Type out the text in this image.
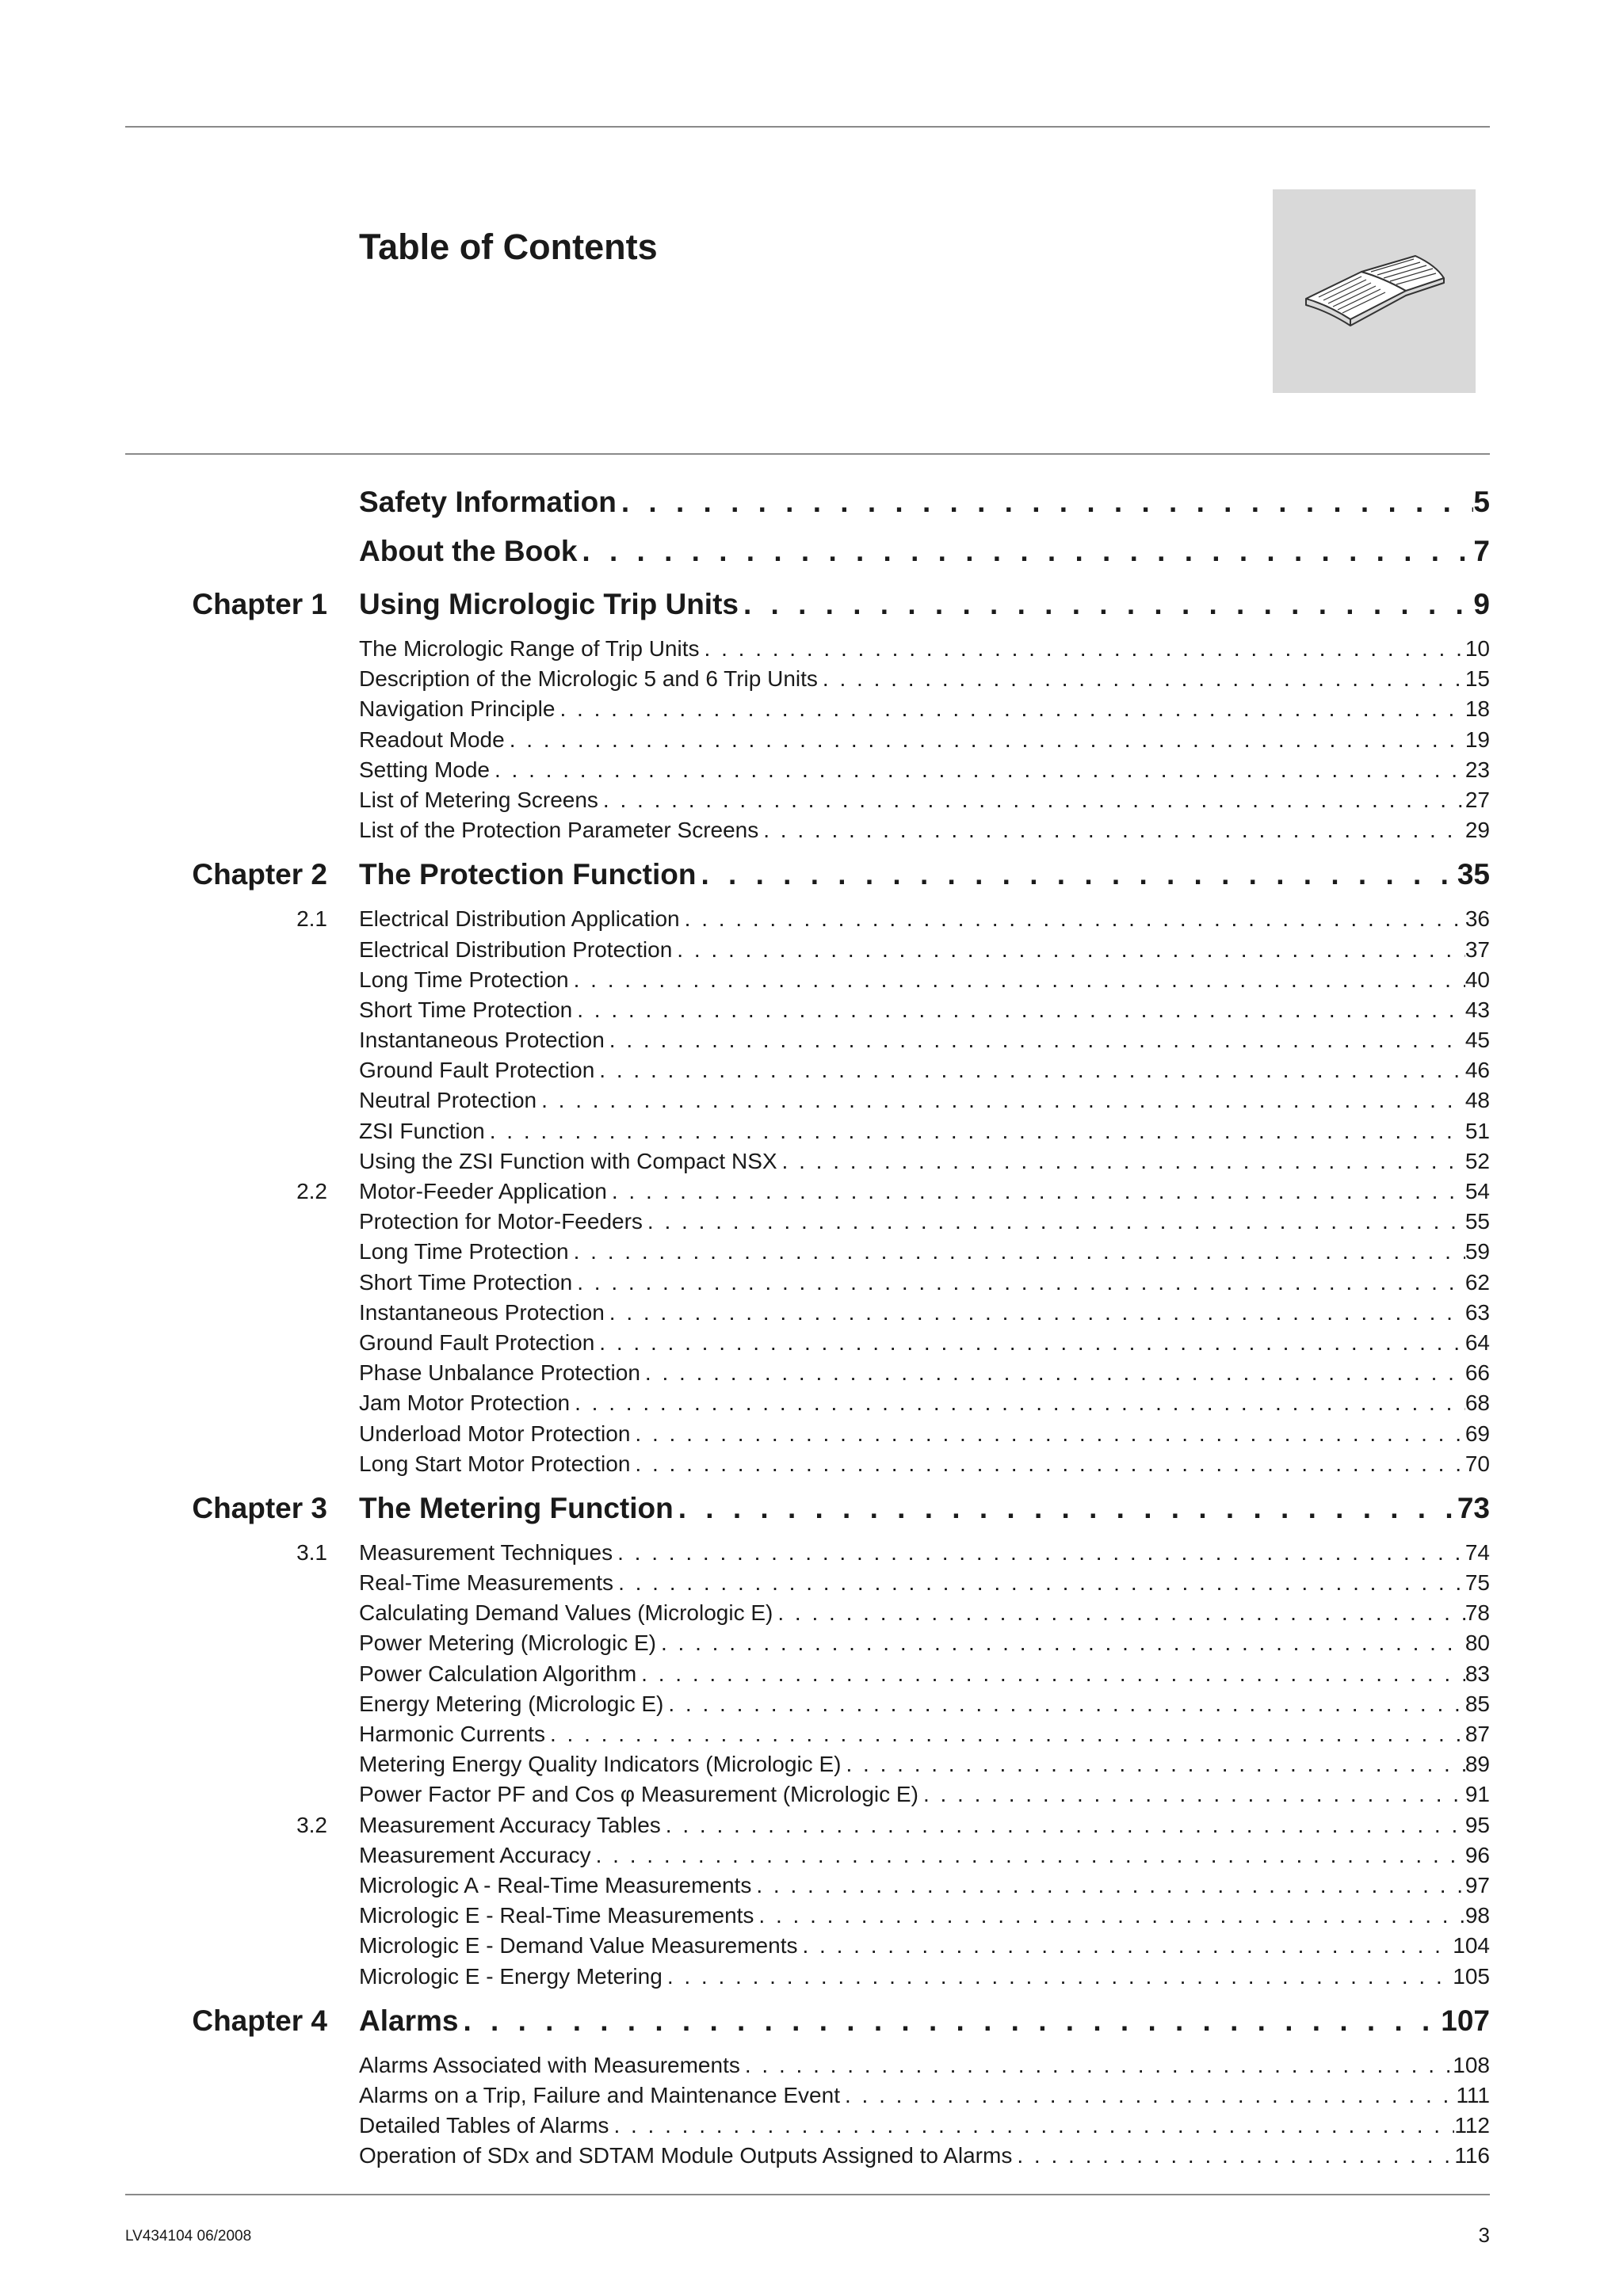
Table of Contents
Safety Information . . .	5
About the Book . . .	7
Chapter 1 Using Micrologic Trip Units . . .	9
The Micrologic Range of Trip Units . . .	10
Description of the Micrologic 5 and 6 Trip Units . . .	15
Navigation Principle . . .	18
Readout Mode . . .	19
Setting Mode . . .	23
List of Metering Screens . . .	27
List of the Protection Parameter Screens . . .	29
Chapter 2 The Protection Function . . .	35
2.1 Electrical Distribution Application . . .	36
Electrical Distribution Protection . . .	37
Long Time Protection . . .	40
Short Time Protection . . .	43
Instantaneous Protection . . .	45
Ground Fault Protection . . .	46
Neutral Protection . . .	48
ZSI Function . . .	51
Using the ZSI Function with Compact NSX . . .	52
2.2 Motor-Feeder Application . . .	54
Protection for Motor-Feeders . . .	55
Long Time Protection . . .	59
Short Time Protection . . .	62
Instantaneous Protection . . .	63
Ground Fault Protection . . .	64
Phase Unbalance Protection . . .	66
Jam Motor Protection . . .	68
Underload Motor Protection . . .	69
Long Start Motor Protection . . .	70
Chapter 3 The Metering Function . . .	73
3.1 Measurement Techniques . . .	74
Real-Time Measurements . . .	75
Calculating Demand Values (Micrologic E) . . .	78
Power Metering (Micrologic E) . . .	80
Power Calculation Algorithm . . .	83
Energy Metering (Micrologic E) . . .	85
Harmonic Currents . . .	87
Metering Energy Quality Indicators (Micrologic E) . . .	89
Power Factor PF and Cos φ Measurement (Micrologic E) . . .	91
3.2 Measurement Accuracy Tables . . .	95
Measurement Accuracy . . .	96
Micrologic A - Real-Time Measurements . . .	97
Micrologic E - Real-Time Measurements . . .	98
Micrologic E - Demand Value Measurements . . .	104
Micrologic E - Energy Metering . . .	105
Chapter 4 Alarms . . .	107
Alarms Associated with Measurements . . .	108
Alarms on a Trip, Failure and Maintenance Event . . .	111
Detailed Tables of Alarms . . .	112
Operation of SDx and SDTAM Module Outputs Assigned to Alarms . . .	116
LV434104 06/2008	3
